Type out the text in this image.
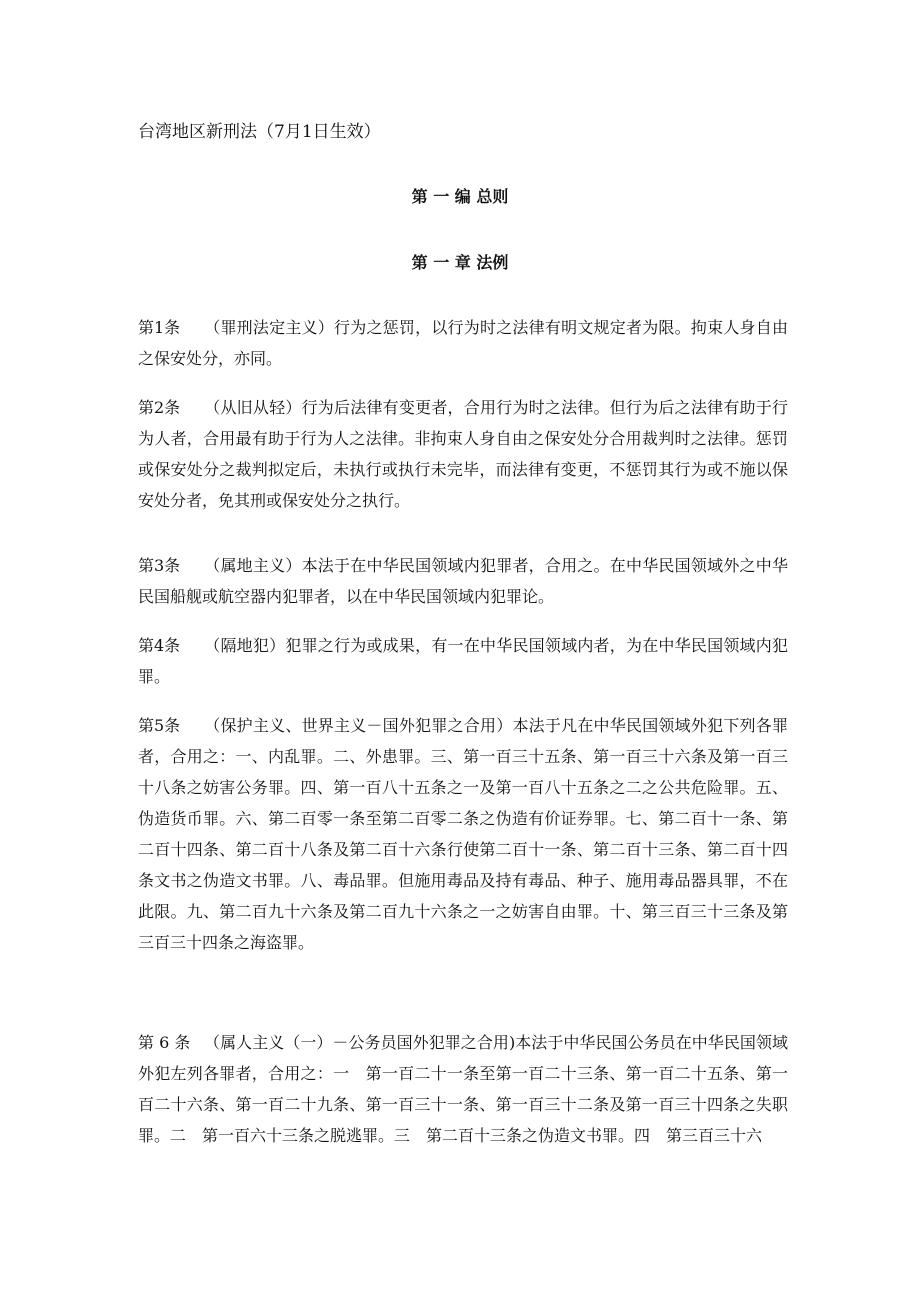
台湾地区新刑法（7月1日生效）
第 一 编 总则
第 一 章 法例
第1条 （罪刑法定主义）行为之惩罚，以行为时之法律有明文规定者为限。拘束人身自由之保安处分，亦同。
第2条 （从旧从轻）行为后法律有变更者，合用行为时之法律。但行为后之法律有助于行为人者，合用最有助于行为人之法律。非拘束人身自由之保安处分合用裁判时之法律。惩罚或保安处分之裁判拟定后，未执行或执行未完毕，而法律有变更，不惩罚其行为或不施以保安处分者，免其刑或保安处分之执行。
第3条 （属地主义）本法于在中华民国领域内犯罪者，合用之。在中华民国领域外之中华民国船舰或航空器内犯罪者，以在中华民国领域内犯罪论。
第4条 （隔地犯）犯罪之行为或成果，有一在中华民国领域内者，为在中华民国领域内犯罪。
第5条 （保护主义、世界主义－国外犯罪之合用）本法于凡在中华民国领域外犯下列各罪者，合用之：一、内乱罪。二、外患罪。三、第一百三十五条、第一百三十六条及第一百三十八条之妨害公务罪。四、第一百八十五条之一及第一百八十五条之二之公共危险罪。五、伪造货币罪。六、第二百零一条至第二百零二条之伪造有价证券罪。七、第二百十一条、第二百十四条、第二百十八条及第二百十六条行使第二百十一条、第二百十三条、第二百十四条文书之伪造文书罪。八、毒品罪。但施用毒品及持有毒品、种子、施用毒品器具罪，不在此限。九、第二百九十六条及第二百九十六条之一之妨害自由罪。十、第三百三十三条及第三百三十四条之海盗罪。
第 6 条 （属人主义（一）－公务员国外犯罪之合用)本法于中华民国公务员在中华民国领域外犯左列各罪者，合用之：一　第一百二十一条至第一百二十三条、第一百二十五条、第一百二十六条、第一百二十九条、第一百三十一条、第一百三十二条及第一百三十四条之失职罪。二　第一百六十三条之脱逃罪。三　第二百十三条之伪造文书罪。四　第三百三十六
